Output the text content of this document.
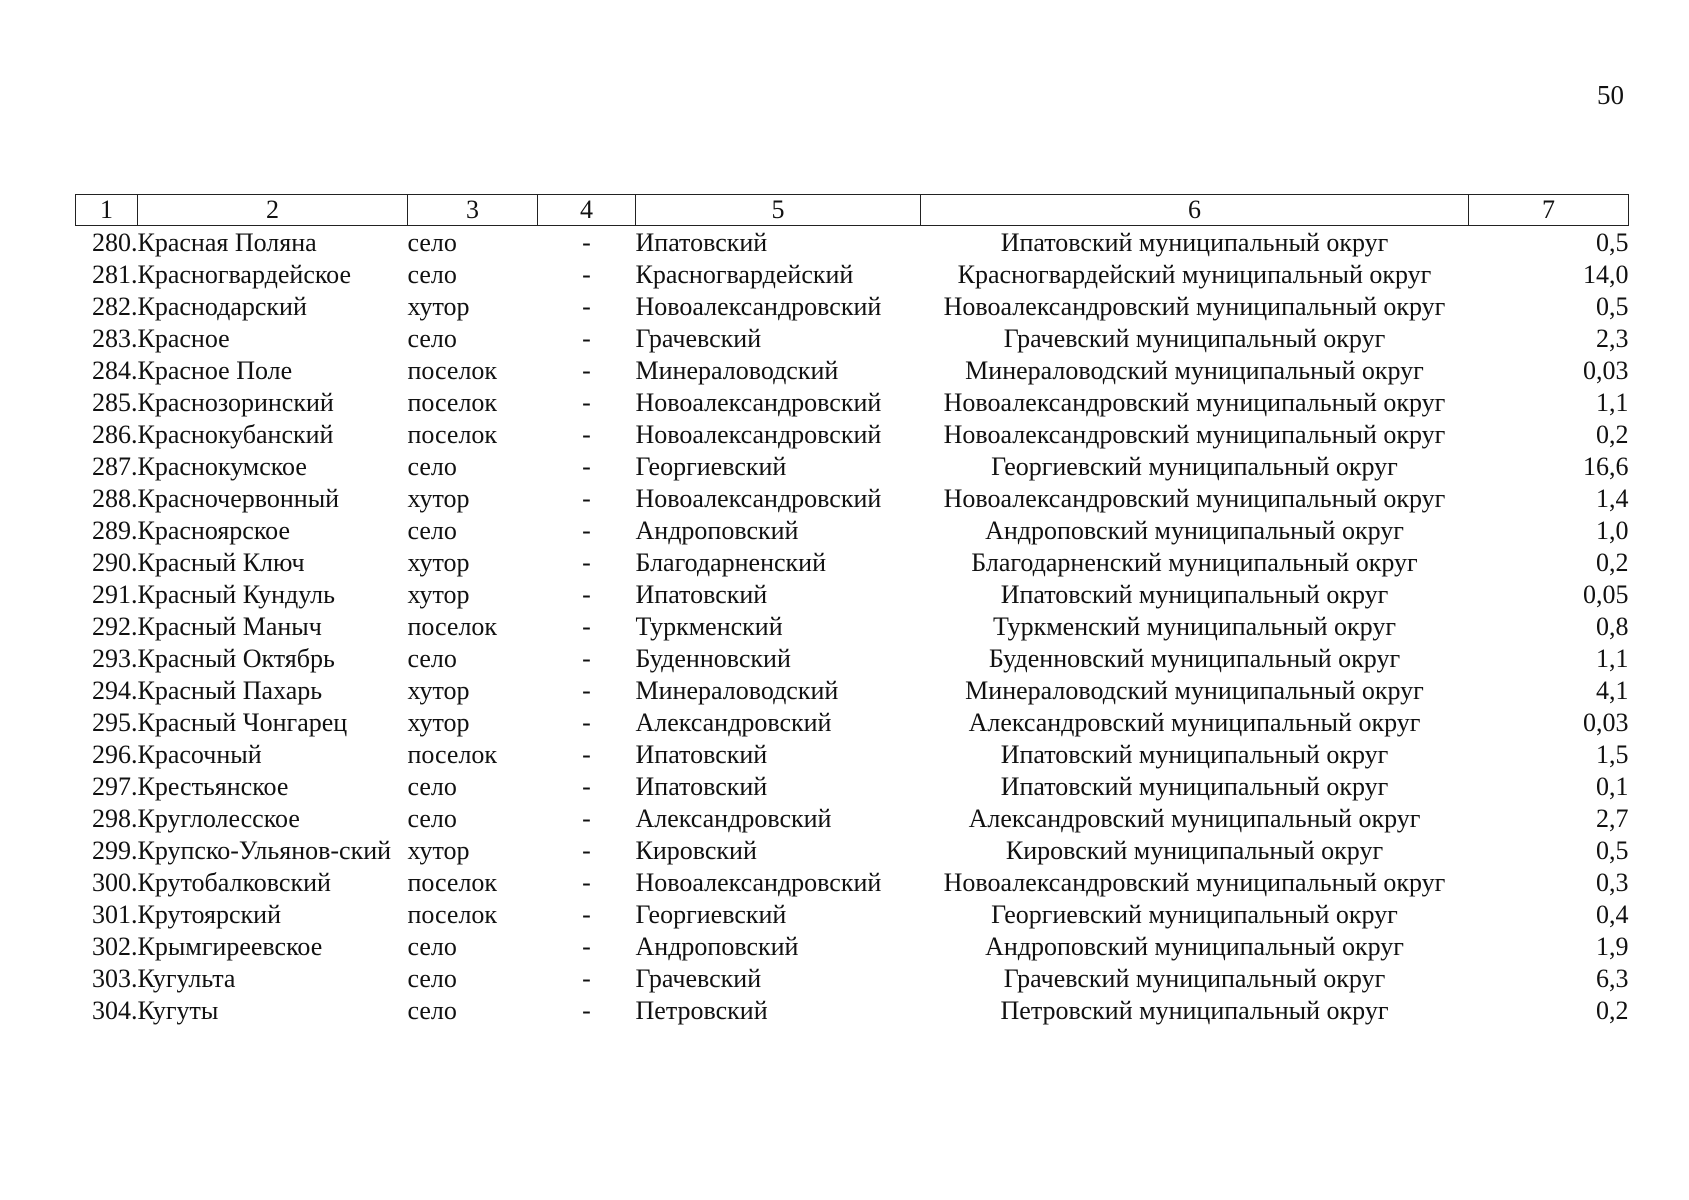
50
1	2	3	4	5	6	7
280.	Красная Поляна	село	-	Ипатовский	Ипатовский муниципальный округ	0,5
281.	Красногвардейское	село	-	Красногвардейский	Красногвардейский муниципальный округ	14,0
282.	Краснодарский	хутор	-	Новоалександровский	Новоалександровский муниципальный округ	0,5
283.	Красное	село	-	Грачевский	Грачевский муниципальный округ	2,3
284.	Красное Поле	поселок	-	Минераловодский	Минераловодский муниципальный округ	0,03
285.	Краснозоринский	поселок	-	Новоалександровский	Новоалександровский муниципальный округ	1,1
286.	Краснокубанский	поселок	-	Новоалександровский	Новоалександровский муниципальный округ	0,2
287.	Краснокумское	село	-	Георгиевский	Георгиевский муниципальный округ	16,6
288.	Красночервонный	хутор	-	Новоалександровский	Новоалександровский муниципальный округ	1,4
289.	Красноярское	село	-	Андроповский	Андроповский муниципальный округ	1,0
290.	Красный Ключ	хутор	-	Благодарненский	Благодарненский муниципальный округ	0,2
291.	Красный Кундуль	хутор	-	Ипатовский	Ипатовский муниципальный округ	0,05
292.	Красный Маныч	поселок	-	Туркменский	Туркменский муниципальный округ	0,8
293.	Красный Октябрь	село	-	Буденновский	Буденновский муниципальный округ	1,1
294.	Красный Пахарь	хутор	-	Минераловодский	Минераловодский муниципальный округ	4,1
295.	Красный Чонгарец	хутор	-	Александровский	Александровский муниципальный округ	0,03
296.	Красочный	поселок	-	Ипатовский	Ипатовский муниципальный округ	1,5
297.	Крестьянское	село	-	Ипатовский	Ипатовский муниципальный округ	0,1
298.	Круглолесское	село	-	Александровский	Александровский муниципальный округ	2,7
299.	Крупско-Ульянов-ский	хутор	-	Кировский	Кировский муниципальный округ	0,5
300.	Крутобалковский	поселок	-	Новоалександровский	Новоалександровский муниципальный округ	0,3
301.	Крутоярский	поселок	-	Георгиевский	Георгиевский муниципальный округ	0,4
302.	Крымгиреевское	село	-	Андроповский	Андроповский муниципальный округ	1,9
303.	Кугульта	село	-	Грачевский	Грачевский муниципальный округ	6,3
304.	Кугуты	село	-	Петровский	Петровский муниципальный округ	0,2
